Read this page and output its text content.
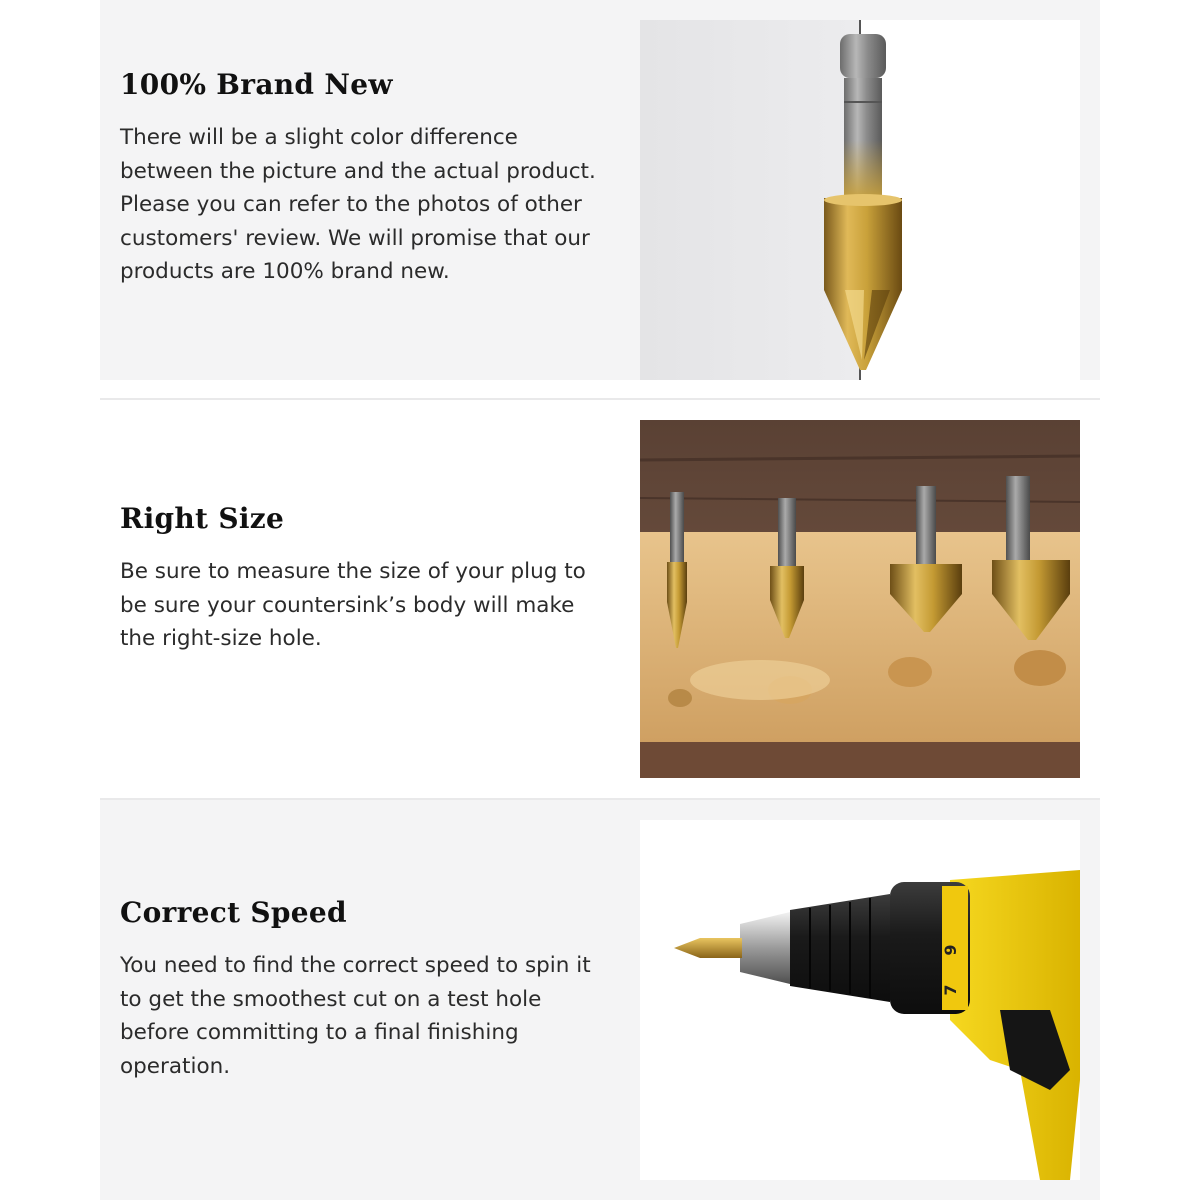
100% Brand New

There will be a slight color difference between the picture and the actual product. Please you can refer to the photos of other customers' review. We will promise that our products are 100% brand new.

Right Size

Be sure to measure the size of your plug to be sure your countersink’s body will make the right-size hole.

Correct Speed

You need to find the correct speed to spin it to get the smoothest cut on a test hole before committing to a final finishing operation.

9
7
